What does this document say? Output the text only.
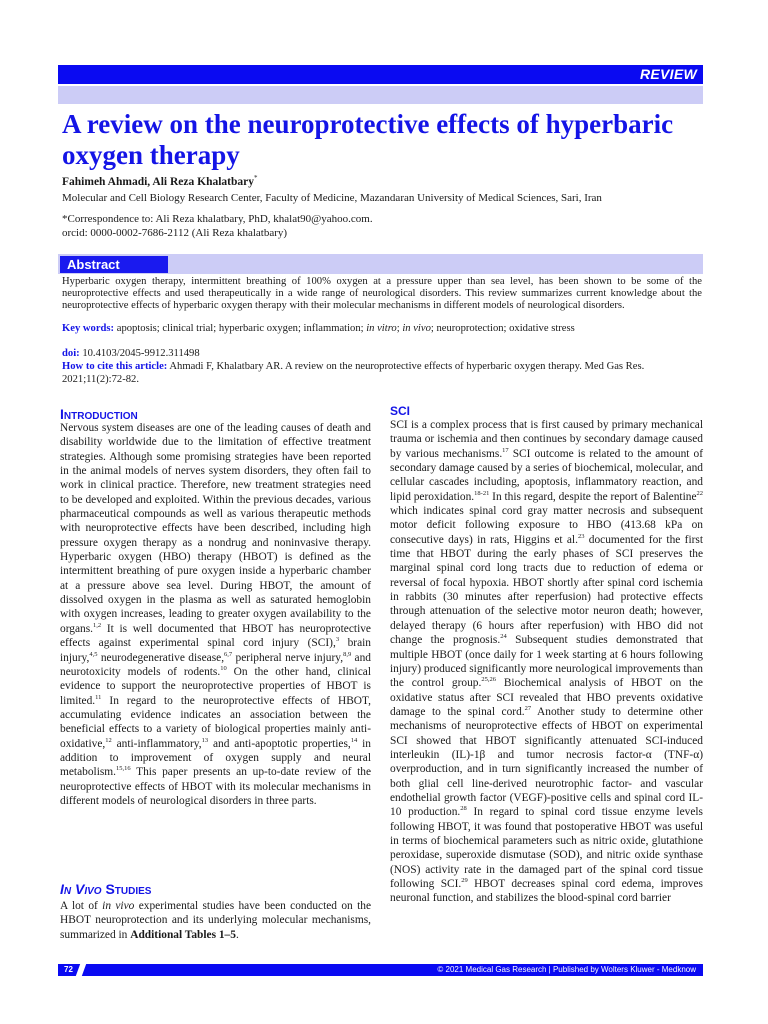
REVIEW
A review on the neuroprotective effects of hyperbaric oxygen therapy
Fahimeh Ahmadi, Ali Reza Khalatbary*
Molecular and Cell Biology Research Center, Faculty of Medicine, Mazandaran University of Medical Sciences, Sari, Iran
*Correspondence to: Ali Reza khalatbary, PhD, khalat90@yahoo.com.
orcid: 0000-0002-7686-2112 (Ali Reza khalatbary)
Abstract
Hyperbaric oxygen therapy, intermittent breathing of 100% oxygen at a pressure upper than sea level, has been shown to be some of the neuroprotective effects and used therapeutically in a wide range of neurological disorders. This review summarizes current knowledge about the neuroprotective effects of hyperbaric oxygen therapy with their molecular mechanisms in different models of neurological disorders.
Key words: apoptosis; clinical trial; hyperbaric oxygen; inflammation; in vitro; in vivo; neuroprotection; oxidative stress
doi: 10.4103/2045-9912.311498
How to cite this article: Ahmadi F, Khalatbary AR. A review on the neuroprotective effects of hyperbaric oxygen therapy. Med Gas Res. 2021;11(2):72-82.
Introduction
Nervous system diseases are one of the leading causes of death and disability worldwide due to the limitation of effective treatment strategies. Although some promising strategies have been reported in the animal models of nerves system disorders, they often fail to work in clinical practice. Therefore, new treatment strategies need to be developed and exploited. Within the previous decades, various pharmaceutical compounds as well as various therapeutic methods with neuroprotective effects have been described, including high pressure oxygen therapy as a nondrug and noninvasive therapy. Hyperbaric oxygen (HBO) therapy (HBOT) is defined as the intermittent breathing of pure oxygen inside a hyperbaric chamber at a pressure above sea level. During HBOT, the amount of dissolved oxygen in the plasma as well as saturated hemoglobin with oxygen increases, leading to greater oxygen availability to the organs.$^{1,2}$ It is well documented that HBOT has neuroprotective effects against experimental spinal cord injury (SCI),$^3$ brain injury,$^{4,5}$ neurodegenerative disease,$^{6,7}$ peripheral nerve injury,$^{8,9}$ and neurotoxicity models of rodents.$^{10}$ On the other hand, clinical evidence to support the neuroprotective properties of HBOT is limited.$^{11}$ In regard to the neuroprotective effects of HBOT, accumulating evidence indicates an association between the beneficial effects to a variety of biological properties mainly anti-oxidative,$^{12}$ anti-inflammatory,$^{13}$ and anti-apoptotic properties,$^{14}$ in addition to improvement of oxygen supply and neural metabolism.$^{15,16}$ This paper presents an up-to-date review of the neuroprotective effects of HBOT with its molecular mechanisms in different models of neurological disorders in three parts.
In Vivo Studies
A lot of in vivo experimental studies have been conducted on the HBOT neuroprotection and its underlying molecular mechanisms, summarized in Additional Tables 1–5.
SCI
SCI is a complex process that is first caused by primary mechanical trauma or ischemia and then continues by secondary damage caused by various mechanisms.$^{17}$ SCI outcome is related to the amount of secondary damage caused by a series of biochemical, molecular, and cellular cascades including, apoptosis, inflammatory reaction, and lipid peroxidation.$^{18-21}$ In this regard, despite the report of Balentine$^{22}$ which indicates spinal cord gray matter necrosis and subsequent motor deficit following exposure to HBO (413.68 kPa on consecutive days) in rats, Higgins et al.$^{23}$ documented for the first time that HBOT during the early phases of SCI preserves the marginal spinal cord long tracts due to reduction of edema or reversal of focal hypoxia. HBOT shortly after spinal cord ischemia in rabbits (30 minutes after reperfusion) had protective effects through attenuation of the selective motor neuron death; however, delayed therapy (6 hours after reperfusion) with HBO did not change the prognosis.$^{24}$ Subsequent studies demonstrated that multiple HBOT (once daily for 1 week starting at 6 hours following injury) produced significantly more neurological improvements than the control group.$^{25,26}$ Biochemical analysis of HBOT on the oxidative status after SCI revealed that HBO prevents oxidative damage to the spinal cord.$^{27}$ Another study to determine other mechanisms of neuroprotective effects of HBOT on experimental SCI showed that HBOT significantly attenuated SCI-induced interleukin (IL)-1β and tumor necrosis factor-α (TNF-α) overproduction, and in turn significantly increased the number of both glial cell line-derived neurotrophic factor- and vascular endothelial growth factor (VEGF)-positive cells and spinal cord IL-10 production.$^{28}$ In regard to spinal cord tissue enzyme levels following HBOT, it was found that postoperative HBOT was useful in terms of biochemical parameters such as nitric oxide, glutathione peroxidase, superoxide dismutase (SOD), and nitric oxide synthase (NOS) activity rate in the damaged part of the spinal cord tissue following SCI.$^{29}$ HBOT decreases spinal cord edema, improves neuronal function, and stabilizes the blood-spinal cord barrier
72	© 2021 Medical Gas Research | Published by Wolters Kluwer - Medknow
